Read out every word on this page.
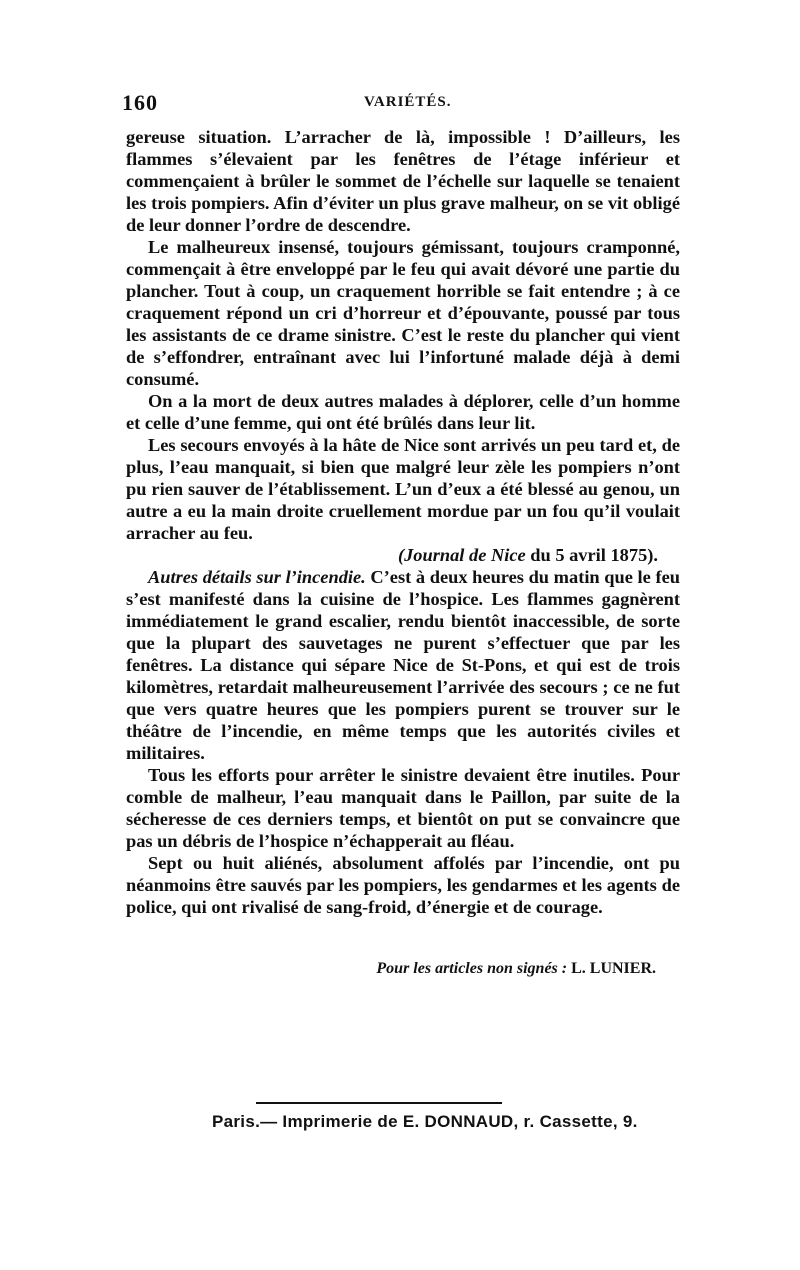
160	VARIÉTÉS.

gereuse situation. L’arracher de là, impossible ! D’ailleurs, les flammes s’élevaient par les fenêtres de l’étage inférieur et commençaient à brûler le sommet de l’échelle sur laquelle se tenaient les trois pompiers. Afin d’éviter un plus grave malheur, on se vit obligé de leur donner l’ordre de descendre.

Le malheureux insensé, toujours gémissant, toujours cramponné, commençait à être enveloppé par le feu qui avait dévoré une partie du plancher. Tout à coup, un craquement horrible se fait entendre ; à ce craquement répond un cri d’horreur et d’épouvante, poussé par tous les assistants de ce drame sinistre. C’est le reste du plancher qui vient de s’effondrer, entraînant avec lui l’infortuné malade déjà à demi consumé.

On a la mort de deux autres malades à déplorer, celle d’un homme et celle d’une femme, qui ont été brûlés dans leur lit.

Les secours envoyés à la hâte de Nice sont arrivés un peu tard et, de plus, l’eau manquait, si bien que malgré leur zèle les pompiers n’ont pu rien sauver de l’établissement. L’un d’eux a été blessé au genou, un autre a eu la main droite cruellement mordue par un fou qu’il voulait arracher au feu.

(Journal de Nice du 5 avril 1875).

Autres détails sur l’incendie. C’est à deux heures du matin que le feu s’est manifesté dans la cuisine de l’hospice. Les flammes gagnèrent immédiatement le grand escalier, rendu bientôt inaccessible, de sorte que la plupart des sauvetages ne purent s’effectuer que par les fenêtres. La distance qui sépare Nice de St-Pons, et qui est de trois kilomètres, retardait malheureusement l’arrivée des secours ; ce ne fut que vers quatre heures que les pompiers purent se trouver sur le théâtre de l’incendie, en même temps que les autorités civiles et militaires.

Tous les efforts pour arrêter le sinistre devaient être inutiles. Pour comble de malheur, l’eau manquait dans le Paillon, par suite de la sécheresse de ces derniers temps, et bientôt on put se convaincre que pas un débris de l’hospice n’échapperait au fléau.

Sept ou huit aliénés, absolument affolés par l’incendie, ont pu néanmoins être sauvés par les pompiers, les gendarmes et les agents de police, qui ont rivalisé de sang-froid, d’énergie et de courage.

Pour les articles non signés : L. LUNIER.
Paris.— Imprimerie de E. DONNAUD, r. Cassette, 9.
